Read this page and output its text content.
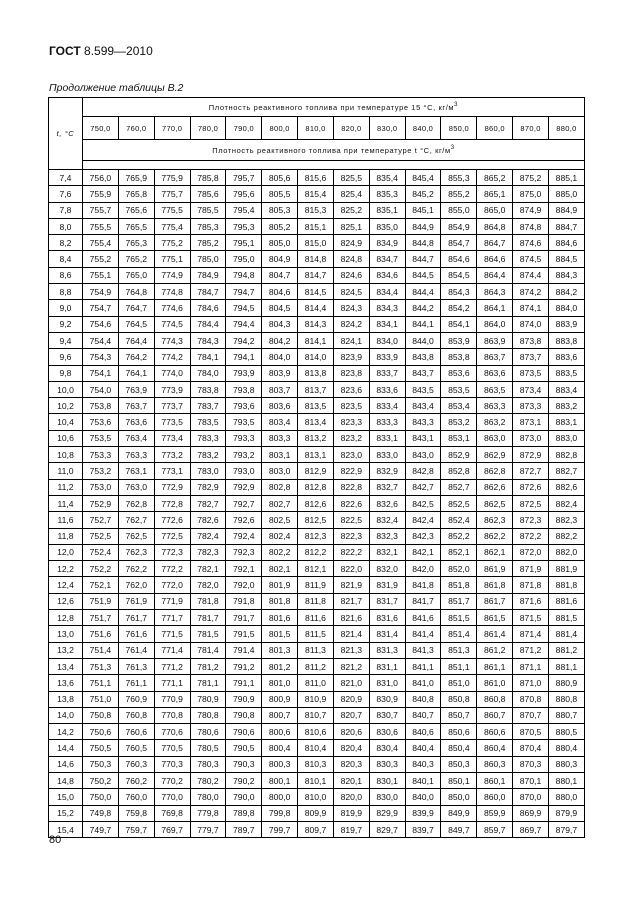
ГОСТ 8.599—2010
Продолжение таблицы В.2
t, °С	Плотность реактивного топлива при температуре 15 °С, $кг/м^3$
	750,0	760,0	770,0	780,0	790,0	800,0	810,0	820,0	830,0	840,0	850,0	860,0	870,0	880,0
	Плотность реактивного топлива при температуре t °С, $кг/м^3$

7,4	756,0	765,9	775,9	785,8	795,7	805,6	815,6	825,5	835,4	845,4	855,3	865,2	875,2	885,1
7,6	755,9	765,8	775,7	785,6	795,6	805,5	815,4	825,4	835,3	845,2	855,2	865,1	875,0	885,0
7,8	755,7	765,6	775,5	785,5	795,4	805,3	815,3	825,2	835,1	845,1	855,0	865,0	874,9	884,9
8,0	755,5	765,5	775,4	785,3	795,3	805,2	815,1	825,1	835,0	844,9	854,9	864,8	874,8	884,7
8,2	755,4	765,3	775,2	785,2	795,1	805,0	815,0	824,9	834,9	844,8	854,7	864,7	874,6	884,6
8,4	755,2	765,2	775,1	785,0	795,0	804,9	814,8	824,8	834,7	844,7	854,6	864,6	874,5	884,5
8,6	755,1	765,0	774,9	784,9	794,8	804,7	814,7	824,6	834,6	844,5	854,5	864,4	874,4	884,3
8,8	754,9	764,8	774,8	784,7	794,7	804,6	814,5	824,5	834,4	844,4	854,3	864,3	874,2	884,2
9,0	754,7	764,7	774,6	784,6	794,5	804,5	814,4	824,3	834,3	844,2	854,2	864,1	874,1	884,0
9,2	754,6	764,5	774,5	784,4	794,4	804,3	814,3	824,2	834,1	844,1	854,1	864,0	874,0	883,9
9,4	754,4	764,4	774,3	784,3	794,2	804,2	814,1	824,1	834,0	844,0	853,9	863,9	873,8	883,8
9,6	754,3	764,2	774,2	784,1	794,1	804,0	814,0	823,9	833,9	843,8	853,8	863,7	873,7	883,6
9,8	754,1	764,1	774,0	784,0	793,9	803,9	813,8	823,8	833,7	843,7	853,6	863,6	873,5	883,5
10,0	754,0	763,9	773,9	783,8	793,8	803,7	813,7	823,6	833,6	843,5	853,5	863,5	873,4	883,4
10,2	753,8	763,7	773,7	783,7	793,6	803,6	813,5	823,5	833,4	843,4	853,4	863,3	873,3	883,2
10,4	753,6	763,6	773,5	783,5	793,5	803,4	813,4	823,3	833,3	843,3	853,2	863,2	873,1	883,1
10,6	753,5	763,4	773,4	783,3	793,3	803,3	813,2	823,2	833,1	843,1	853,1	863,0	873,0	883,0
10,8	753,3	763,3	773,2	783,2	793,2	803,1	813,1	823,0	833,0	843,0	852,9	862,9	872,9	882,8
11,0	753,2	763,1	773,1	783,0	793,0	803,0	812,9	822,9	832,9	842,8	852,8	862,8	872,7	882,7
11,2	753,0	763,0	772,9	782,9	792,9	802,8	812,8	822,8	832,7	842,7	852,7	862,6	872,6	882,6
11,4	752,9	762,8	772,8	782,7	792,7	802,7	812,6	822,6	832,6	842,5	852,5	862,5	872,5	882,4
11,6	752,7	762,7	772,6	782,6	792,6	802,5	812,5	822,5	832,4	842,4	852,4	862,3	872,3	882,3
11,8	752,5	762,5	772,5	782,4	792,4	802,4	812,3	822,3	832,3	842,3	852,2	862,2	872,2	882,2
12,0	752,4	762,3	772,3	782,3	792,3	802,2	812,2	822,2	832,1	842,1	852,1	862,1	872,0	882,0
12,2	752,2	762,2	772,2	782,1	792,1	802,1	812,1	822,0	832,0	842,0	852,0	861,9	871,9	881,9
12,4	752,1	762,0	772,0	782,0	792,0	801,9	811,9	821,9	831,9	841,8	851,8	861,8	871,8	881,8
12,6	751,9	761,9	771,9	781,8	791,8	801,8	811,8	821,7	831,7	841,7	851,7	861,7	871,6	881,6
12,8	751,7	761,7	771,7	781,7	791,7	801,6	811,6	821,6	831,6	841,6	851,5	861,5	871,5	881,5
13,0	751,6	761,6	771,5	781,5	791,5	801,5	811,5	821,4	831,4	841,4	851,4	861,4	871,4	881,4
13,2	751,4	761,4	771,4	781,4	791,4	801,3	811,3	821,3	831,3	841,3	851,3	861,2	871,2	881,2
13,4	751,3	761,3	771,2	781,2	791,2	801,2	811,2	821,2	831,1	841,1	851,1	861,1	871,1	881,1
13,6	751,1	761,1	771,1	781,1	791,1	801,0	811,0	821,0	831,0	841,0	851,0	861,0	871,0	880,9
13,8	751,0	760,9	770,9	780,9	790,9	800,9	810,9	820,9	830,9	840,8	850,8	860,8	870,8	880,8
14,0	750,8	760,8	770,8	780,8	790,8	800,7	810,7	820,7	830,7	840,7	850,7	860,7	870,7	880,7
14,2	750,6	760,6	770,6	780,6	790,6	800,6	810,6	820,6	830,6	840,6	850,6	860,6	870,5	880,5
14,4	750,5	760,5	770,5	780,5	790,5	800,4	810,4	820,4	830,4	840,4	850,4	860,4	870,4	880,4
14,6	750,3	760,3	770,3	780,3	790,3	800,3	810,3	820,3	830,3	840,3	850,3	860,3	870,3	880,3
14,8	750,2	760,2	770,2	780,2	790,2	800,1	810,1	820,1	830,1	840,1	850,1	860,1	870,1	880,1
15,0	750,0	760,0	770,0	780,0	790,0	800,0	810,0	820,0	830,0	840,0	850,0	860,0	870,0	880,0
15,2	749,8	759,8	769,8	779,8	789,8	799,8	809,9	819,9	829,9	839,9	849,9	859,9	869,9	879,9
15,4	749,7	759,7	769,7	779,7	789,7	799,7	809,7	819,7	829,7	839,7	849,7	859,7	869,7	879,7
80
